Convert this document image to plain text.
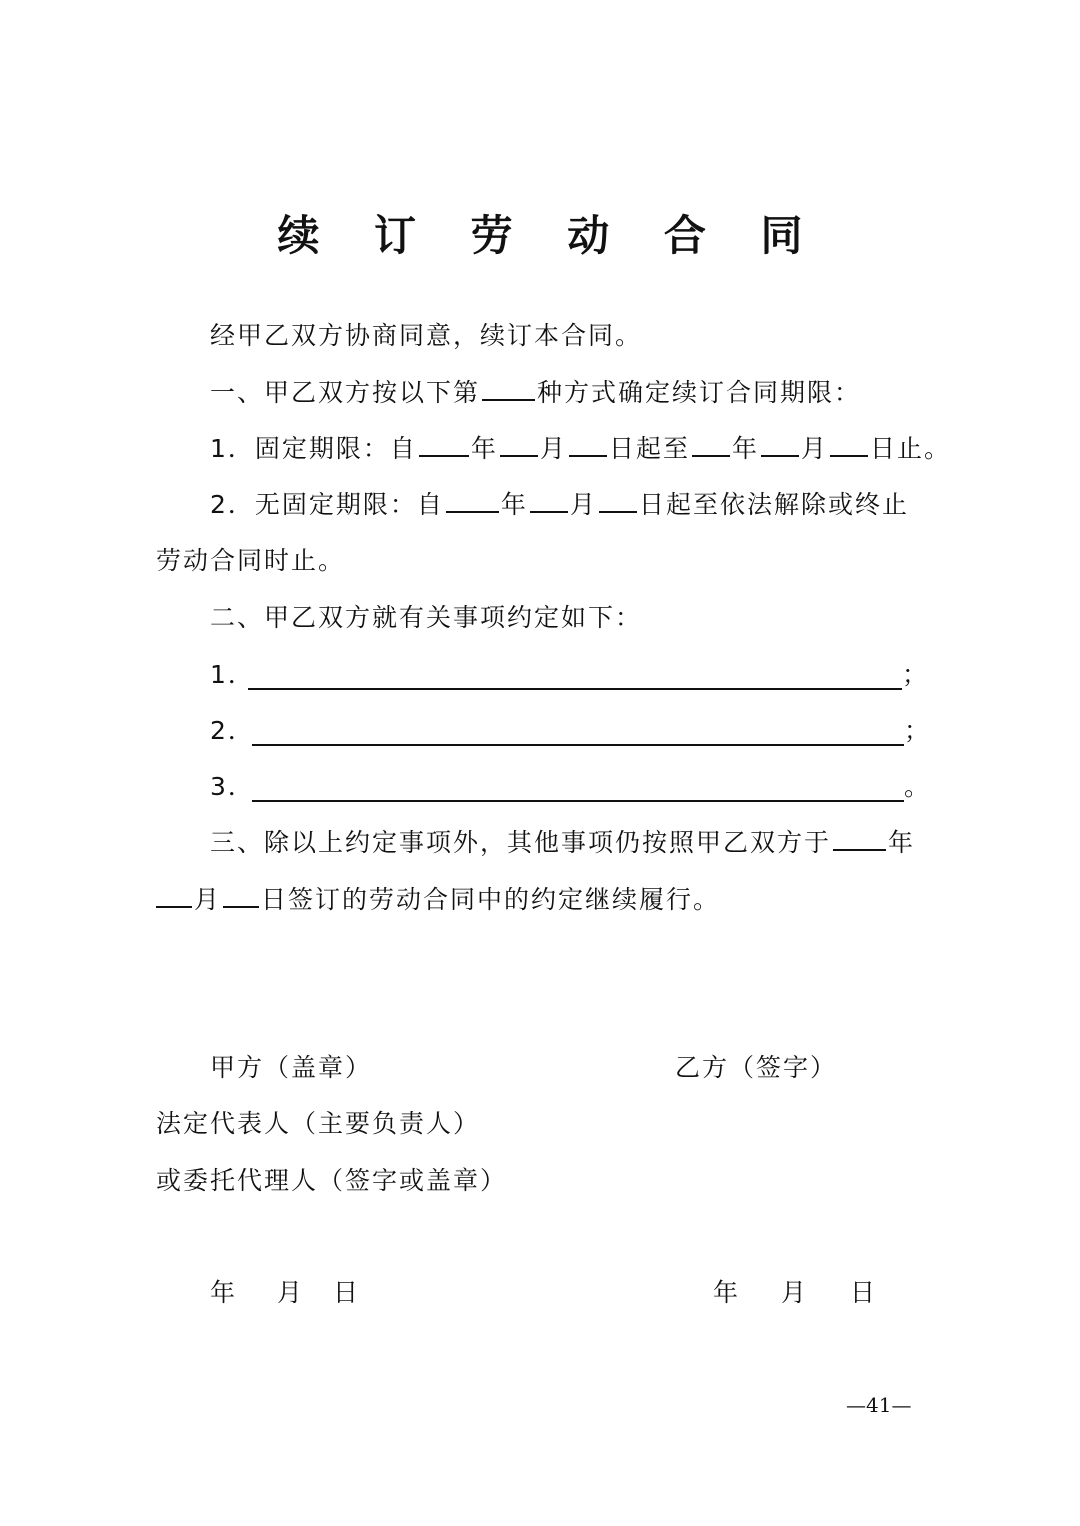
续 订 劳 动 合 同
经甲乙双方协商同意，续订本合同。
一、甲乙双方按以下第 种方式确定续订合同期限：
1．固定期限：自 年 月 日起至 年 月 日止。
2．无固定期限：自 年 月 日起至依法解除或终止
劳动合同时止。
二、甲乙双方就有关事项约定如下：
1．	；
2．	；
3．	。
三、除以上约定事项外，其他事项仍按照甲乙双方于 年
月 日签订的劳动合同中的约定继续履行。
甲方（盖章）	乙方（签字）
法定代表人（主要负责人）
或委托代理人（签字或盖章）
年 月 日	年 月 日
—41—
